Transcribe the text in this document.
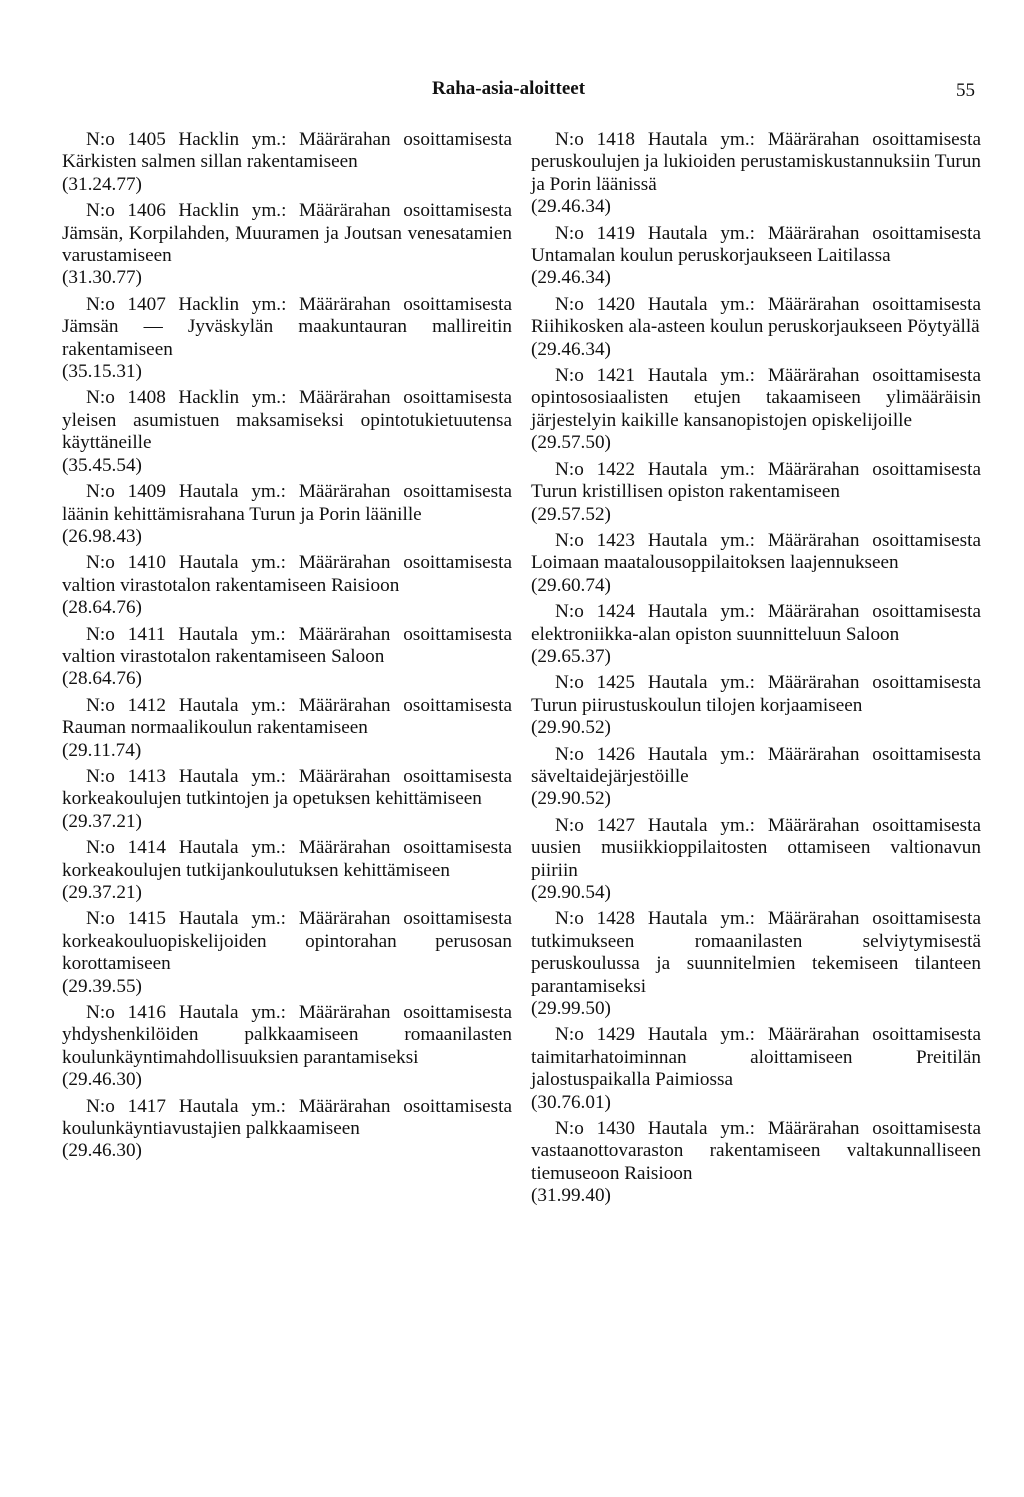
Raha-asia-aloitteet	55
N:o 1405 Hacklin ym.: Määrärahan osoittamisesta Kärkisten salmen sillan rakentamiseen
(31.24.77)
N:o 1406 Hacklin ym.: Määrärahan osoittamisesta Jämsän, Korpilahden, Muuramen ja Joutsan venesatamien varustamiseen
(31.30.77)
N:o 1407 Hacklin ym.: Määrärahan osoittamisesta Jämsän — Jyväskylän maakuntauran mallireitin rakentamiseen
(35.15.31)
N:o 1408 Hacklin ym.: Määrärahan osoittamisesta yleisen asumistuen maksamiseksi opintotukietuutensa käyttäneille
(35.45.54)
N:o 1409 Hautala ym.: Määrärahan osoittamisesta läänin kehittämisrahana Turun ja Porin läänille
(26.98.43)
N:o 1410 Hautala ym.: Määrärahan osoittamisesta valtion virastotalon rakentamiseen Raisioon
(28.64.76)
N:o 1411 Hautala ym.: Määrärahan osoittamisesta valtion virastotalon rakentamiseen Saloon
(28.64.76)
N:o 1412 Hautala ym.: Määrärahan osoittamisesta Rauman normaalikoulun rakentamiseen
(29.11.74)
N:o 1413 Hautala ym.: Määrärahan osoittamisesta korkeakoulujen tutkintojen ja opetuksen kehittämiseen
(29.37.21)
N:o 1414 Hautala ym.: Määrärahan osoittamisesta korkeakoulujen tutkijankoulutuksen kehittämiseen
(29.37.21)
N:o 1415 Hautala ym.: Määrärahan osoittamisesta korkeakouluopiskelijoiden opintorahan perusosan korottamiseen
(29.39.55)
N:o 1416 Hautala ym.: Määrärahan osoittamisesta yhdyshenkilöiden palkkaamiseen romaanilasten koulunkäyntimahdollisuuksien parantamiseksi
(29.46.30)
N:o 1417 Hautala ym.: Määrärahan osoittamisesta koulunkäyntiavustajien palkkaamiseen
(29.46.30)
N:o 1418 Hautala ym.: Määrärahan osoittamisesta peruskoulujen ja lukioiden perustamiskustannuksiin Turun ja Porin läänissä
(29.46.34)
N:o 1419 Hautala ym.: Määrärahan osoittamisesta Untamalan koulun peruskorjaukseen Laitilassa
(29.46.34)
N:o 1420 Hautala ym.: Määrärahan osoittamisesta Riihikosken ala-asteen koulun peruskorjaukseen Pöytyällä
(29.46.34)
N:o 1421 Hautala ym.: Määrärahan osoittamisesta opintososiaalisten etujen takaamiseen ylimääräisin järjestelyin kaikille kansanopistojen opiskelijoille
(29.57.50)
N:o 1422 Hautala ym.: Määrärahan osoittamisesta Turun kristillisen opiston rakentamiseen
(29.57.52)
N:o 1423 Hautala ym.: Määrärahan osoittamisesta Loimaan maatalousoppilaitoksen laajennukseen
(29.60.74)
N:o 1424 Hautala ym.: Määrärahan osoittamisesta elektroniikka-alan opiston suunnitteluun Saloon
(29.65.37)
N:o 1425 Hautala ym.: Määrärahan osoittamisesta Turun piirustuskoulun tilojen korjaamiseen
(29.90.52)
N:o 1426 Hautala ym.: Määrärahan osoittamisesta säveltaidejärjestöille
(29.90.52)
N:o 1427 Hautala ym.: Määrärahan osoittamisesta uusien musiikkioppilaitosten ottamiseen valtionavun piiriin
(29.90.54)
N:o 1428 Hautala ym.: Määrärahan osoittamisesta tutkimukseen romaanilasten selviytymisestä peruskoulussa ja suunnitelmien tekemiseen tilanteen parantamiseksi
(29.99.50)
N:o 1429 Hautala ym.: Määrärahan osoittamisesta taimitarhatoiminnan aloittamiseen Preitilän jalostuspaikalla Paimiossa
(30.76.01)
N:o 1430 Hautala ym.: Määrärahan osoittamisesta vastaanottovaraston rakentamiseen valtakunnalliseen tiemuseoon Raisioon
(31.99.40)
